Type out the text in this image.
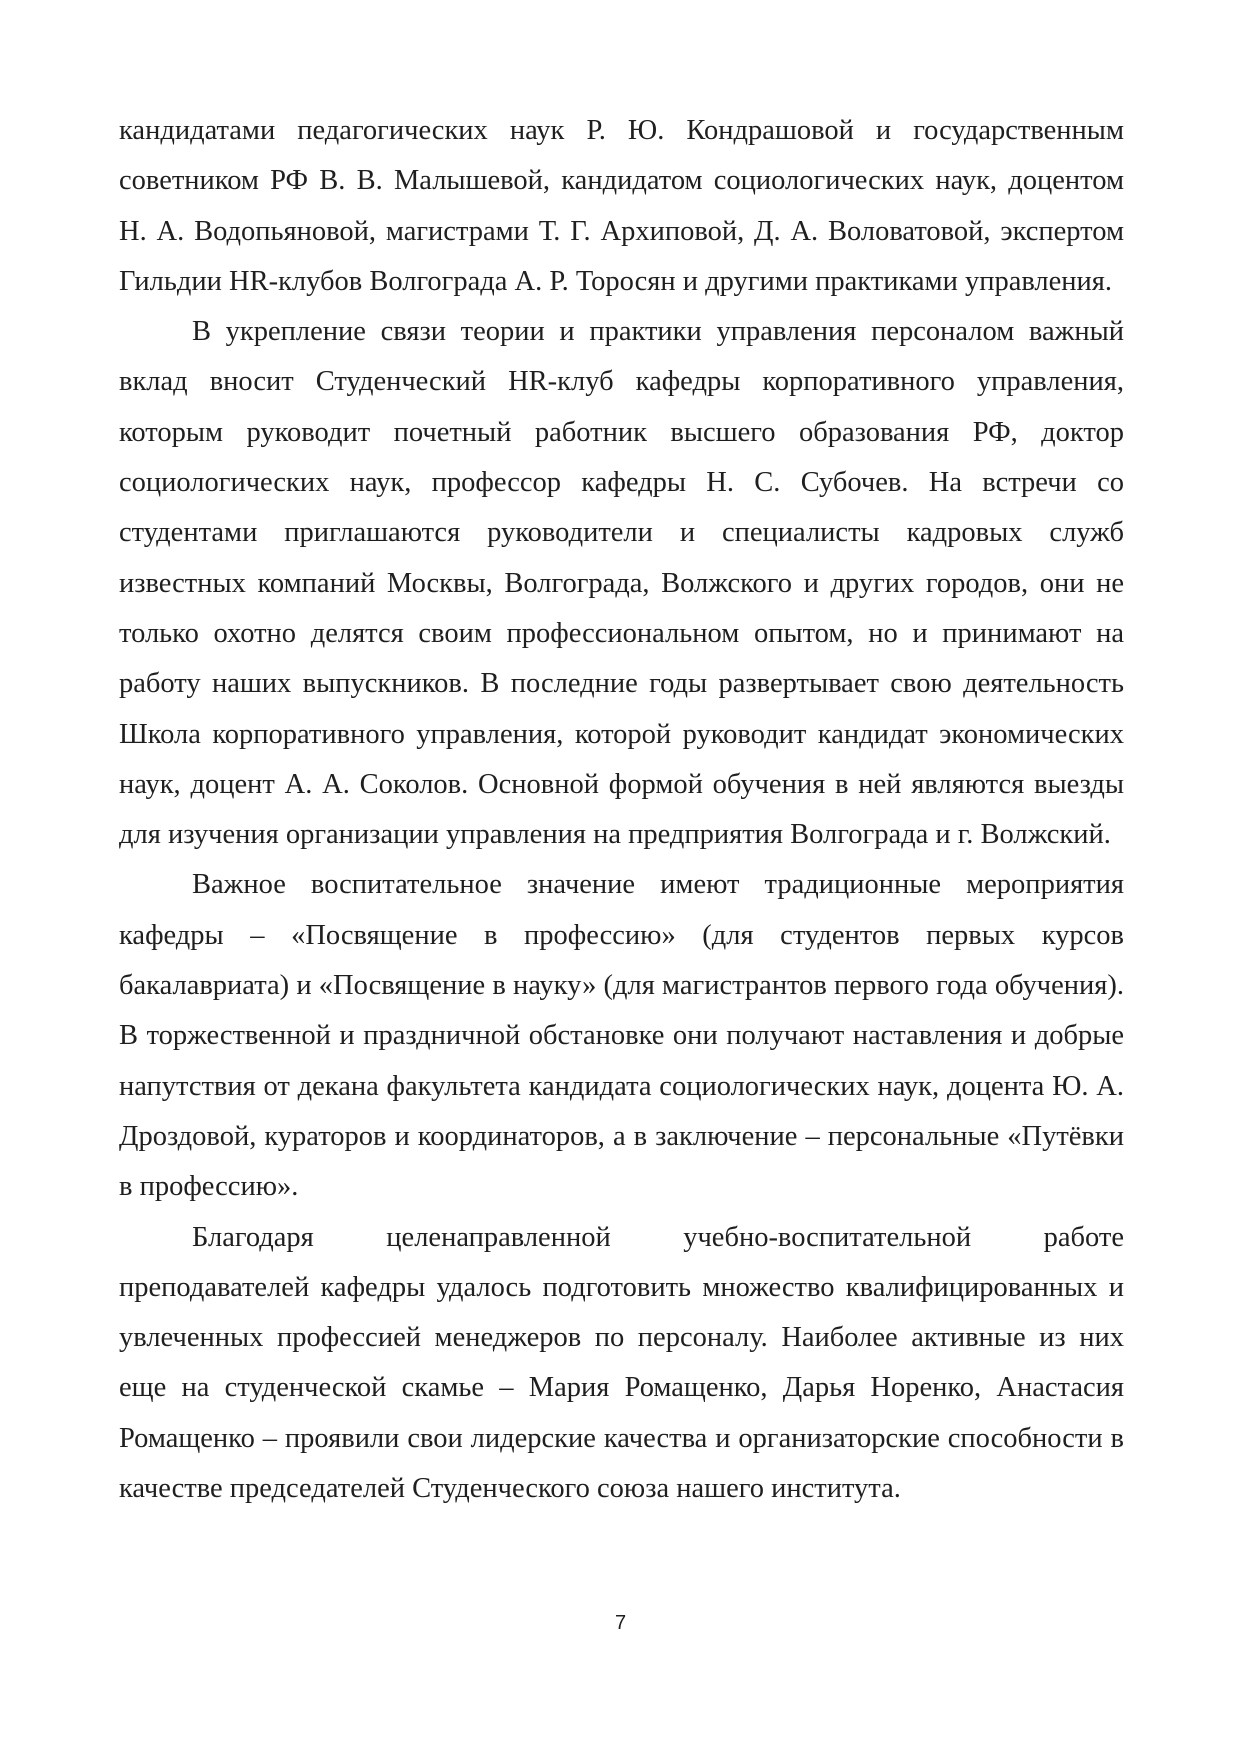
кандидатами педагогических наук Р. Ю. Кондрашовой и государственным советником РФ В. В. Малышевой, кандидатом социологических наук, доцентом Н. А. Водопьяновой, магистрами Т. Г. Архиповой, Д. А. Воловатовой, экспертом Гильдии HR-клубов Волгограда А. Р. Торосян и другими практиками управления.

В укрепление связи теории и практики управления персоналом важный вклад вносит Студенческий HR-клуб кафедры корпоративного управления, которым руководит почетный работник высшего образования РФ, доктор социологических наук, профессор кафедры Н. С. Субочев. На встречи со студентами приглашаются руководители и специалисты кадровых служб известных компаний Москвы, Волгограда, Волжского и других городов, они не только охотно делятся своим профессиональном опытом, но и принимают на работу наших выпускников. В последние годы развертывает свою деятельность Школа корпоративного управления, которой руководит кандидат экономических наук, доцент А. А. Соколов. Основной формой обучения в ней являются выезды для изучения организации управления на предприятия Волгограда и г. Волжский.

Важное воспитательное значение имеют традиционные мероприятия кафедры – «Посвящение в профессию» (для студентов первых курсов бакалавриата) и «Посвящение в науку» (для магистрантов первого года обучения). В торжественной и праздничной обстановке они получают наставления и добрые напутствия от декана факультета кандидата социологических наук, доцента Ю. А. Дроздовой, кураторов и координаторов, а в заключение – персональные «Путёвки в профессию».

Благодаря целенаправленной учебно-воспитательной работе преподавателей кафедры удалось подготовить множество квалифицированных и увлеченных профессией менеджеров по персоналу. Наиболее активные из них еще на студенческой скамье – Мария Ромащенко, Дарья Норенко, Анастасия Ромащенко – проявили свои лидерские качества и организаторские способности в качестве председателей Студенческого союза нашего института.

7
